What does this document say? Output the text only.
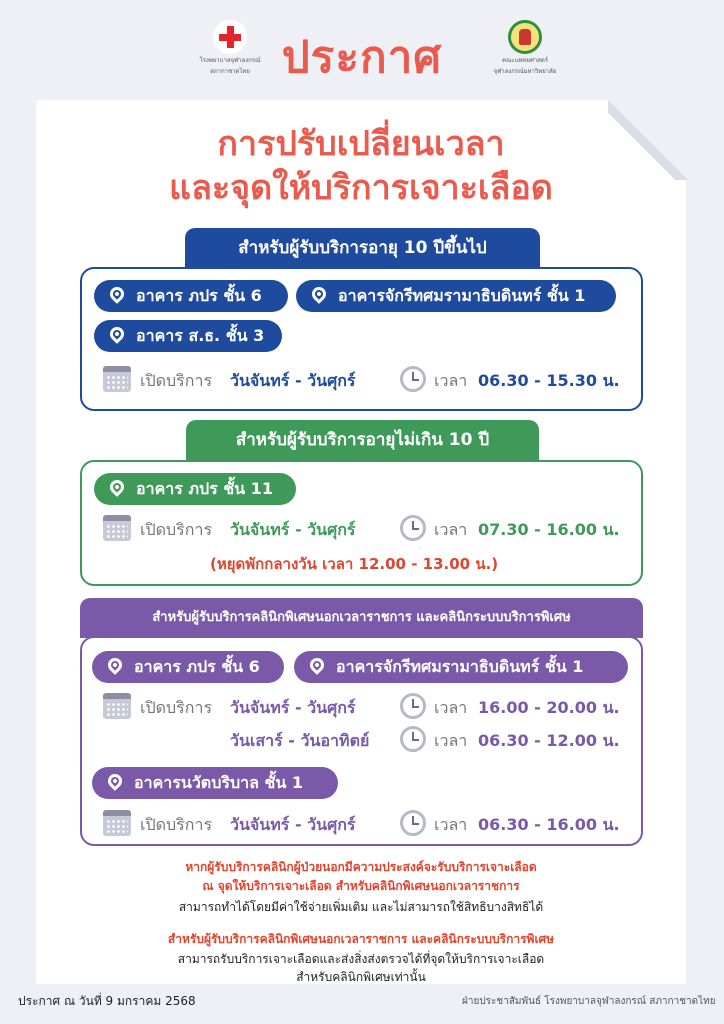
โรงพยาบาลจุฬาลงกรณ์
สภากาชาดไทย ประกาศ	คณะแพทยศาสตร์
จุฬาลงกรณ์มหาวิทยาลัย
การปรับเปลี่ยนเวลา
และจุดให้บริการเจาะเลือด
สำหรับผู้รับบริการอายุ 10 ปีขึ้นไป
อาคาร ภปร ชั้น 6	อาคารจักรีทศมรามาธิบดินทร์ ชั้น 1
อาคาร ส.ธ. ชั้น 3
เปิดบริการ วันจันทร์ - วันศุกร์	เวลา 06.30 - 15.30 น.
สำหรับผู้รับบริการอายุไม่เกิน 10 ปี
อาคาร ภปร ชั้น 11
เปิดบริการ วันจันทร์ - วันศุกร์	เวลา 07.30 - 16.00 น.
(หยุดพักกลางวัน เวลา 12.00 - 13.00 น.)
สำหรับผู้รับบริการคลินิกพิเศษนอกเวลาราชการ และคลินิกระบบบริการพิเศษ
อาคาร ภปร ชั้น 6	อาคารจักรีทศมรามาธิบดินทร์ ชั้น 1
เปิดบริการ วันจันทร์ - วันศุกร์	เวลา 16.00 - 20.00 น.
วันเสาร์ - วันอาทิตย์	เวลา 06.30 - 12.00 น.
อาคารนวัตบริบาล ชั้น 1
เปิดบริการ วันจันทร์ - วันศุกร์	เวลา 06.30 - 16.00 น.
หากผู้รับบริการคลินิกผู้ป่วยนอกมีความประสงค์จะรับบริการเจาะเลือด
ณ จุดให้บริการเจาะเลือด สำหรับคลินิกพิเศษนอกเวลาราชการ
สามารถทำได้โดยมีค่าใช้จ่ายเพิ่มเติม และไม่สามารถใช้สิทธิบางสิทธิได้
สำหรับผู้รับบริการคลินิกพิเศษนอกเวลาราชการ และคลินิกระบบบริการพิเศษ
สามารถรับบริการเจาะเลือดและส่งสิ่งส่งตรวจได้ที่จุดให้บริการเจาะเลือด
สำหรับคลินิกพิเศษเท่านั้น
ประกาศ ณ วันที่ 9 มกราคม 2568	ฝ่ายประชาสัมพันธ์ โรงพยาบาลจุฬาลงกรณ์ สภากาชาดไทย
